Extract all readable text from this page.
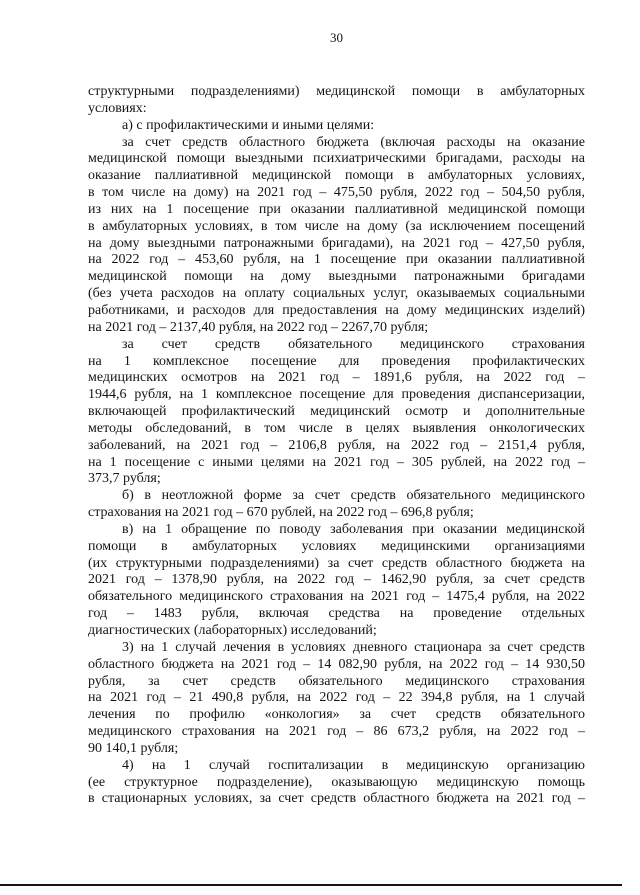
30
структурными подразделениями) медицинской помощи в амбулаторных
условиях:
а) с профилактическими и иными целями:
за счет средств областного бюджета (включая расходы на оказание
медицинской помощи выездными психиатрическими бригадами, расходы на
оказание паллиативной медицинской помощи в амбулаторных условиях,
в том числе на дому) на 2021 год – 475,50 рубля, 2022 год – 504,50 рубля,
из них на 1 посещение при оказании паллиативной медицинской помощи
в амбулаторных условиях, в том числе на дому (за исключением посещений
на дому выездными патронажными бригадами), на 2021 год – 427,50 рубля,
на 2022 год – 453,60 рубля, на 1 посещение при оказании паллиативной
медицинской помощи на дому выездными патронажными бригадами
(без учета расходов на оплату социальных услуг, оказываемых социальными
работниками, и расходов для предоставления на дому медицинских изделий)
на 2021 год – 2137,40 рубля, на 2022 год – 2267,70 рубля;
за счет средств обязательного медицинского страхования
на 1 комплексное посещение для проведения профилактических
медицинских осмотров на 2021 год – 1891,6 рубля, на 2022 год –
1944,6 рубля, на 1 комплексное посещение для проведения диспансеризации,
включающей профилактический медицинский осмотр и дополнительные
методы обследований, в том числе в целях выявления онкологических
заболеваний, на 2021 год – 2106,8 рубля, на 2022 год – 2151,4 рубля,
на 1 посещение с иными целями на 2021 год – 305 рублей, на 2022 год –
373,7 рубля;
б) в неотложной форме за счет средств обязательного медицинского
страхования на 2021 год – 670 рублей, на 2022 год – 696,8 рубля;
в) на 1 обращение по поводу заболевания при оказании медицинской
помощи в амбулаторных условиях медицинскими организациями
(их структурными подразделениями) за счет средств областного бюджета на
2021 год – 1378,90 рубля, на 2022 год – 1462,90 рубля, за счет средств
обязательного медицинского страхования на 2021 год – 1475,4 рубля, на 2022
год – 1483 рубля, включая средства на проведение отдельных
диагностических (лабораторных) исследований;
3) на 1 случай лечения в условиях дневного стационара за счет средств
областного бюджета на 2021 год – 14 082,90 рубля, на 2022 год – 14 930,50
рубля, за счет средств обязательного медицинского страхования
на 2021 год – 21 490,8 рубля, на 2022 год – 22 394,8 рубля, на 1 случай
лечения по профилю «онкология» за счет средств обязательного
медицинского страхования на 2021 год – 86 673,2 рубля, на 2022 год –
90 140,1 рубля;
4) на 1 случай госпитализации в медицинскую организацию
(ее структурное подразделение), оказывающую медицинскую помощь
в стационарных условиях, за счет средств областного бюджета на 2021 год –
